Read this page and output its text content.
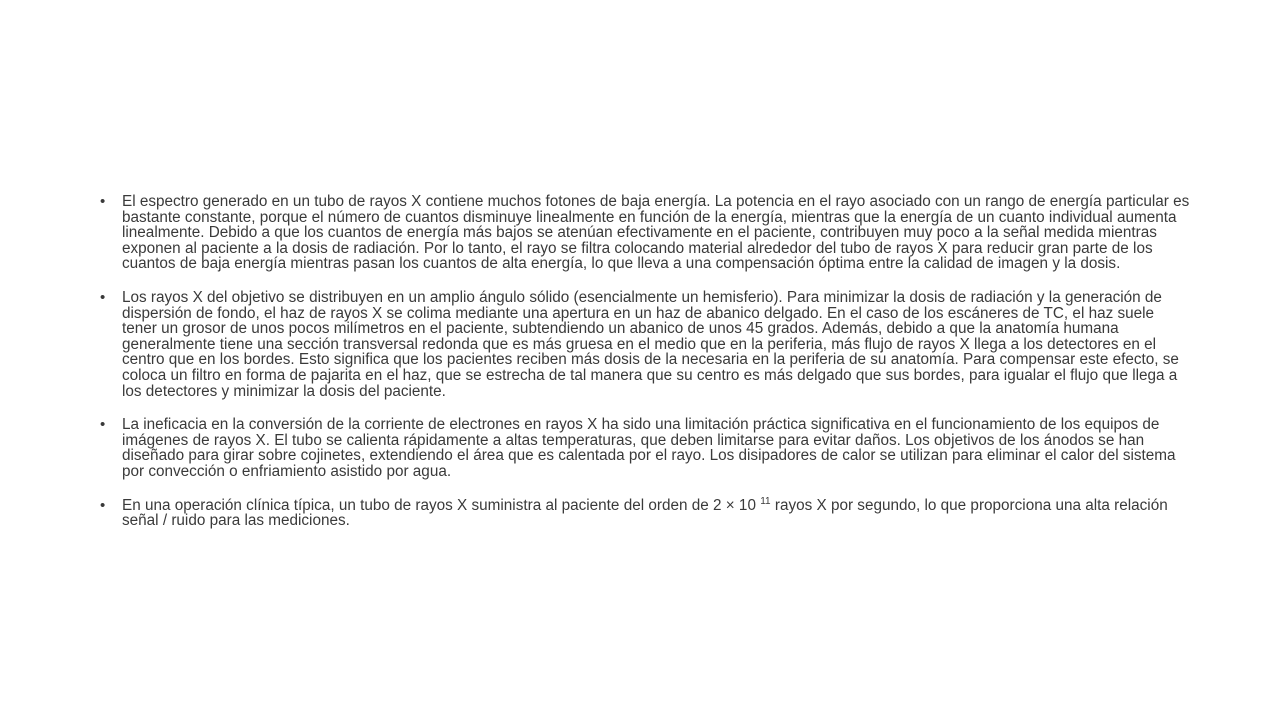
• El espectro generado en un tubo de rayos X contiene muchos fotones de baja energía. La potencia en el rayo asociado con un rango de energía particular es bastante constante, porque el número de cuantos disminuye linealmente en función de la energía, mientras que la energía de un cuanto individual aumenta linealmente. Debido a que los cuantos de energía más bajos se atenúan efectivamente en el paciente, contribuyen muy poco a la señal medida mientras exponen al paciente a la dosis de radiación. Por lo tanto, el rayo se filtra colocando material alrededor del tubo de rayos X para reducir gran parte de los cuantos de baja energía mientras pasan los cuantos de alta energía, lo que lleva a una compensación óptima entre la calidad de imagen y la dosis.
• Los rayos X del objetivo se distribuyen en un amplio ángulo sólido (esencialmente un hemisferio). Para minimizar la dosis de radiación y la generación de dispersión de fondo, el haz de rayos X se colima mediante una apertura en un haz de abanico delgado. En el caso de los escáneres de TC, el haz suele tener un grosor de unos pocos milímetros en el paciente, subtendiendo un abanico de unos 45 grados. Además, debido a que la anatomía humana generalmente tiene una sección transversal redonda que es más gruesa en el medio que en la periferia, más flujo de rayos X llega a los detectores en el centro que en los bordes. Esto significa que los pacientes reciben más dosis de la necesaria en la periferia de su anatomía. Para compensar este efecto, se coloca un filtro en forma de pajarita en el haz, que se estrecha de tal manera que su centro es más delgado que sus bordes, para igualar el flujo que llega a los detectores y minimizar la dosis del paciente.
• La ineficacia en la conversión de la corriente de electrones en rayos X ha sido una limitación práctica significativa en el funcionamiento de los equipos de imágenes de rayos X. El tubo se calienta rápidamente a altas temperaturas, que deben limitarse para evitar daños. Los objetivos de los ánodos se han diseñado para girar sobre cojinetes, extendiendo el área que es calentada por el rayo. Los disipadores de calor se utilizan para eliminar el calor del sistema por convección o enfriamiento asistido por agua.
• En una operación clínica típica, un tubo de rayos X suministra al paciente del orden de 2 × 10 $^{11}$ rayos X por segundo, lo que proporciona una alta relación señal / ruido para las mediciones.
